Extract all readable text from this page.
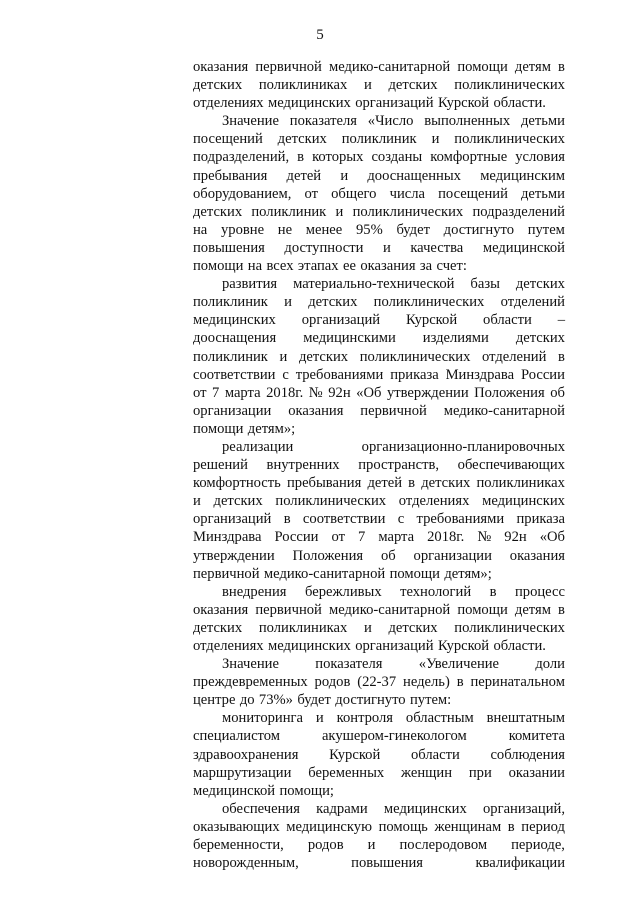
5
оказания первичной медико-санитарной помощи детям в
детских поликлиниках и детских поликлинических
отделениях медицинских организаций Курской области.
Значение показателя «Число выполненных детьми
посещений детских поликлиник и поликлинических
подразделений, в которых созданы комфортные условия
пребывания детей и дооснащенных медицинским
оборудованием, от общего числа посещений детьми
детских поликлиник и поликлинических подразделений
на уровне не менее 95% будет достигнуто путем
повышения доступности и качества медицинской
помощи на всех этапах ее оказания за счет:
развития материально-технической базы детских
поликлиник и детских поликлинических отделений
медицинских организаций Курской области –
дооснащения медицинскими изделиями детских
поликлиник и детских поликлинических отделений в
соответствии с требованиями приказа Минздрава России
от 7 марта 2018г. № 92н «Об утверждении Положения об
организации оказания первичной медико-санитарной
помощи детям»;
реализации	организационно-планировочных
решений внутренних пространств, обеспечивающих
комфортность пребывания детей в детских поликлиниках
и детских поликлинических отделениях медицинских
организаций в соответствии с требованиями приказа
Минздрава России от 7 марта 2018г. № 92н «Об
утверждении Положения об организации оказания
первичной медико-санитарной помощи детям»;
внедрения бережливых технологий в процесс
оказания первичной медико-санитарной помощи детям в
детских поликлиниках и детских поликлинических
отделениях медицинских организаций Курской области.
Значение показателя «Увеличение доли
преждевременных родов (22-37 недель) в перинатальном
центре до 73%» будет достигнуто путем:
мониторинга и контроля областным внештатным
специалистом	акушером-гинекологом	комитета
здравоохранения Курской области соблюдения
маршрутизации беременных женщин при оказании
медицинской помощи;
обеспечения кадрами медицинских организаций,
оказывающих медицинскую помощь женщинам в период
беременности, родов и послеродовом периоде,
новорожденным,	повышения	квалификации
